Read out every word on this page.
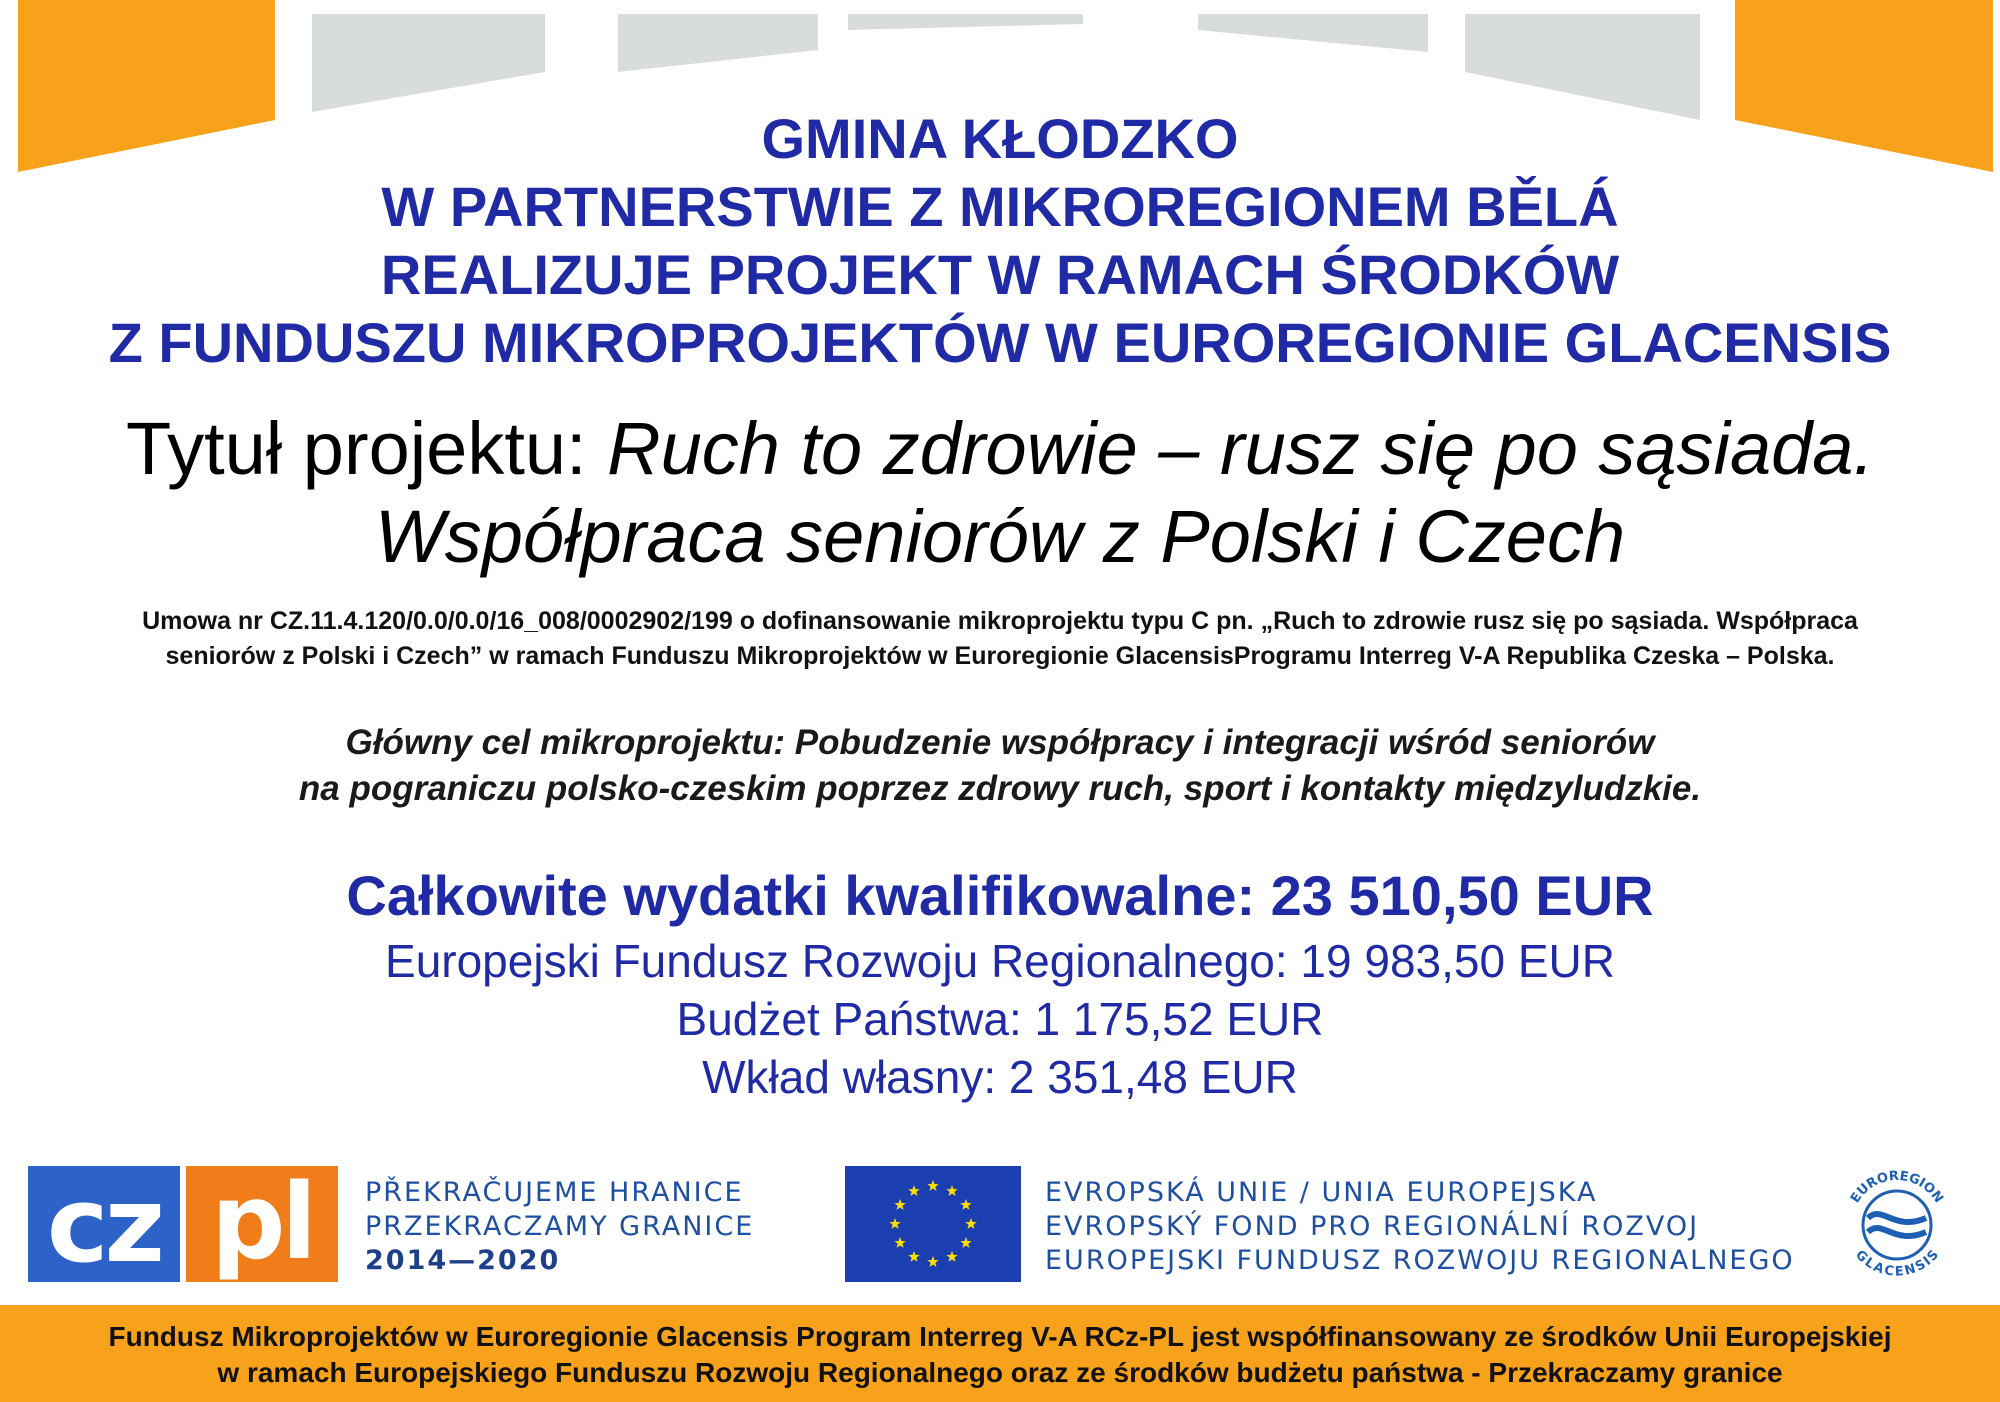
GMINA KŁODZKO
W PARTNERSTWIE Z MIKROREGIONEM BĚLÁ
REALIZUJE PROJEKT W RAMACH ŚRODKÓW
Z FUNDUSZU MIKROPROJEKTÓW W EUROREGIONIE GLACENSIS
Tytuł projektu: Ruch to zdrowie – rusz się po sąsiada.
Współpraca seniorów z Polski i Czech
Umowa nr CZ.11.4.120/0.0/0.0/16_008/0002902/199 o dofinansowanie mikroprojektu typu C pn. „Ruch to zdrowie rusz się po sąsiada. Współpraca
seniorów z Polski i Czech” w ramach Funduszu Mikroprojektów w Euroregionie GlacensisProgramu Interreg V-A Republika Czeska – Polska.
Główny cel mikroprojektu: Pobudzenie współpracy i integracji wśród seniorów
na pograniczu polsko-czeskim poprzez zdrowy ruch, sport i kontakty międzyludzkie.
Całkowite wydatki kwalifikowalne: 23 510,50 EUR
Europejski Fundusz Rozwoju Regionalnego: 19 983,50 EUR
Budżet Państwa: 1 175,52 EUR
Wkład własny: 2 351,48 EUR
cz pl PŘEKRAČUJEME HRANICE
PRZEKRACZAMY GRANICE
2014—2020
EVROPSKÁ UNIE / UNIA EUROPEJSKA
EVROPSKÝ FOND PRO REGIONÁLNÍ ROZVOJ
EUROPEJSKI FUNDUSZ ROZWOJU REGIONALNEGO
EUROREGION
GLACENSIS
Fundusz Mikroprojektów w Euroregionie Glacensis Program Interreg V-A RCz-PL jest współfinansowany ze środków Unii Europejskiej
w ramach Europejskiego Funduszu Rozwoju Regionalnego oraz ze środków budżetu państwa - Przekraczamy granice
